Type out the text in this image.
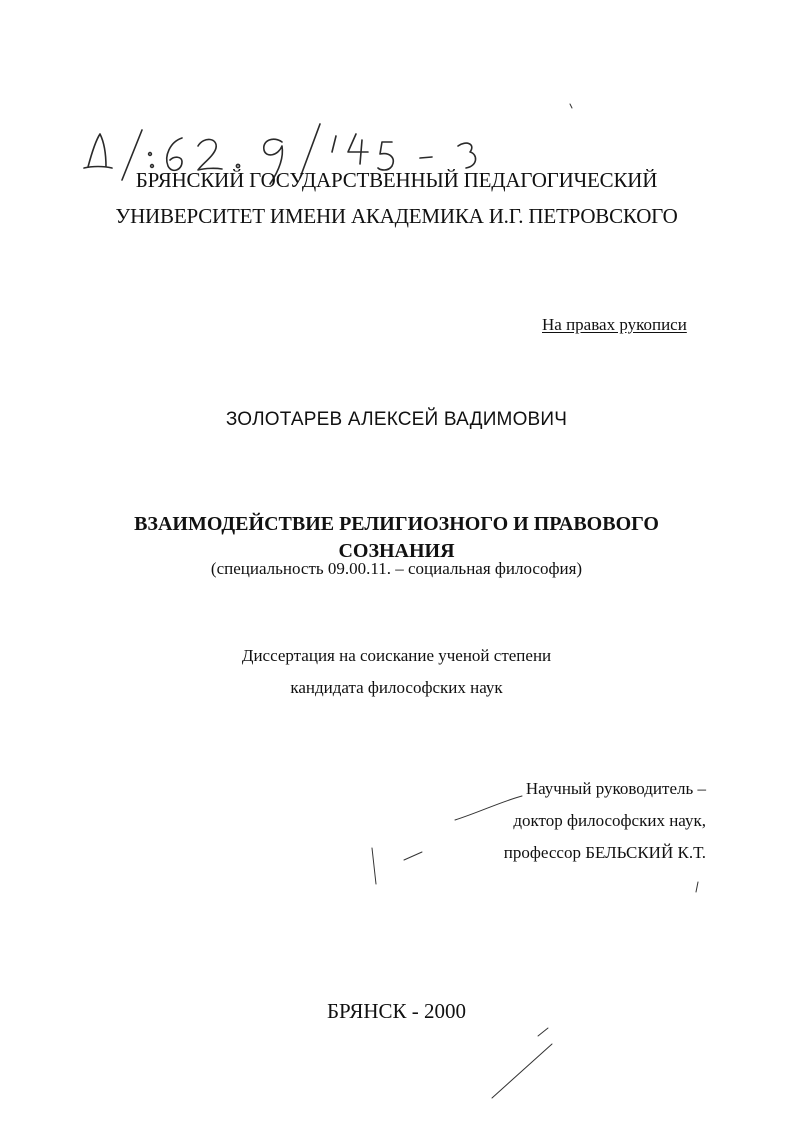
БРЯНСКИЙ ГОСУДАРСТВЕННЫЙ ПЕДАГОГИЧЕСКИЙ
УНИВЕРСИТЕТ ИМЕНИ АКАДЕМИКА И.Г. ПЕТРОВСКОГО
На правах рукописи
ЗОЛОТАРЕВ АЛЕКСЕЙ ВАДИМОВИЧ
ВЗАИМОДЕЙСТВИЕ РЕЛИГИОЗНОГО И ПРАВОВОГО
СОЗНАНИЯ
(специальность 09.00.11. – социальная философия)
Диссертация на соискание ученой степени
кандидата философских наук
Научный руководитель –
доктор философских наук,
профессор БЕЛЬСКИЙ К.Т.
БРЯНСК - 2000
